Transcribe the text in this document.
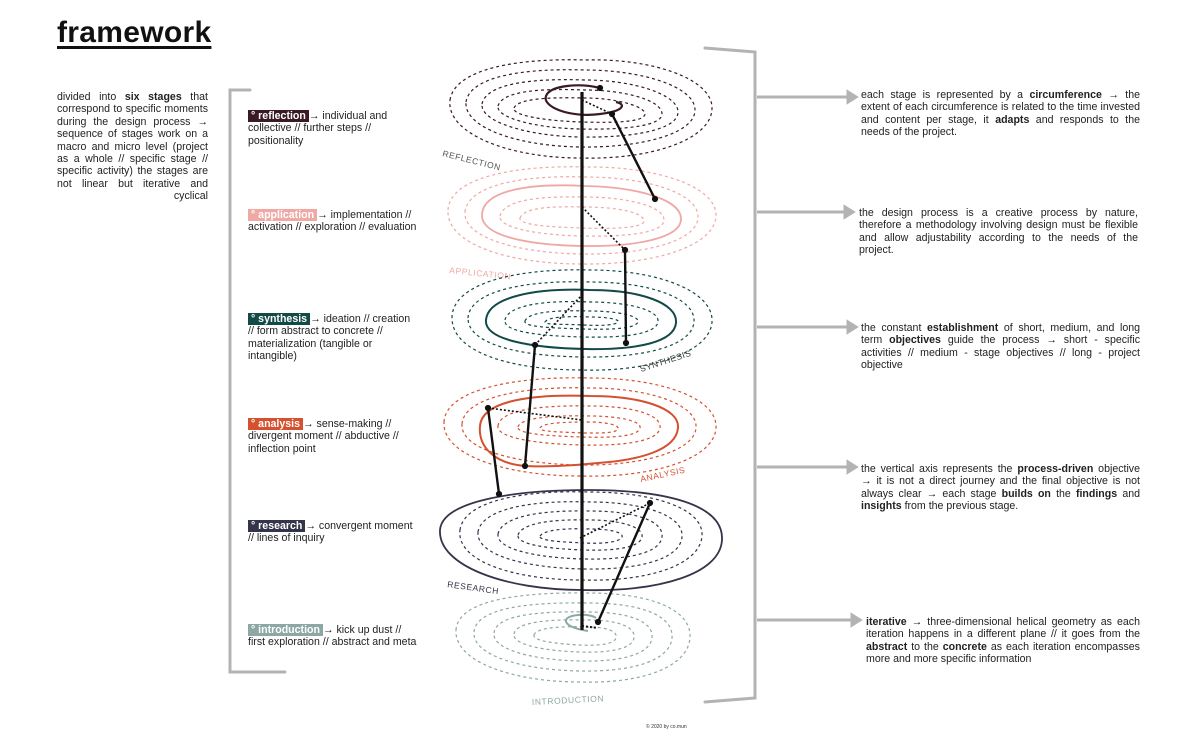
framework
divided into six stages that correspond to specific moments during the design process → sequence of stages work on a macro and micro level (project as a whole // specific stage // specific activity) the stages are not linear but iterative and cyclical
° reflection → individual and collective // further steps // positionality
° application → implementation // activation // exploration // evaluation
° synthesis → ideation // creation // form abstract to concrete // materialization (tangible or intangible)
° analysis → sense-making // divergent moment // abductive // inflection point
° research → convergent moment // lines of inquiry
° introduction → kick up dust // first exploration // abstract and meta
each stage is represented by a circumference → the extent of each circumference is related to the time invested and content per stage, it adapts and responds to the needs of the project.
the design process is a creative process by nature, therefore a methodology involving design must be flexible and allow adjustability according to the needs of the project.
the constant establishment of short, medium, and long term objectives guide the process → short - specific activities // medium - stage objectives // long - project objective
the vertical axis represents the process-driven objective → it is not a direct journey and the final objective is not always clear → each stage builds on the findings and insights from the previous stage.
iterative → three-dimensional helical geometry as each iteration happens in a different plane // it goes from the abstract to the concrete as each iteration encompasses more and more specific information
© 2020 by co.mun
REFLECTION
APPLICATION
SYNTHESIS
ANALYSIS
RESEARCH
INTRODUCTION
